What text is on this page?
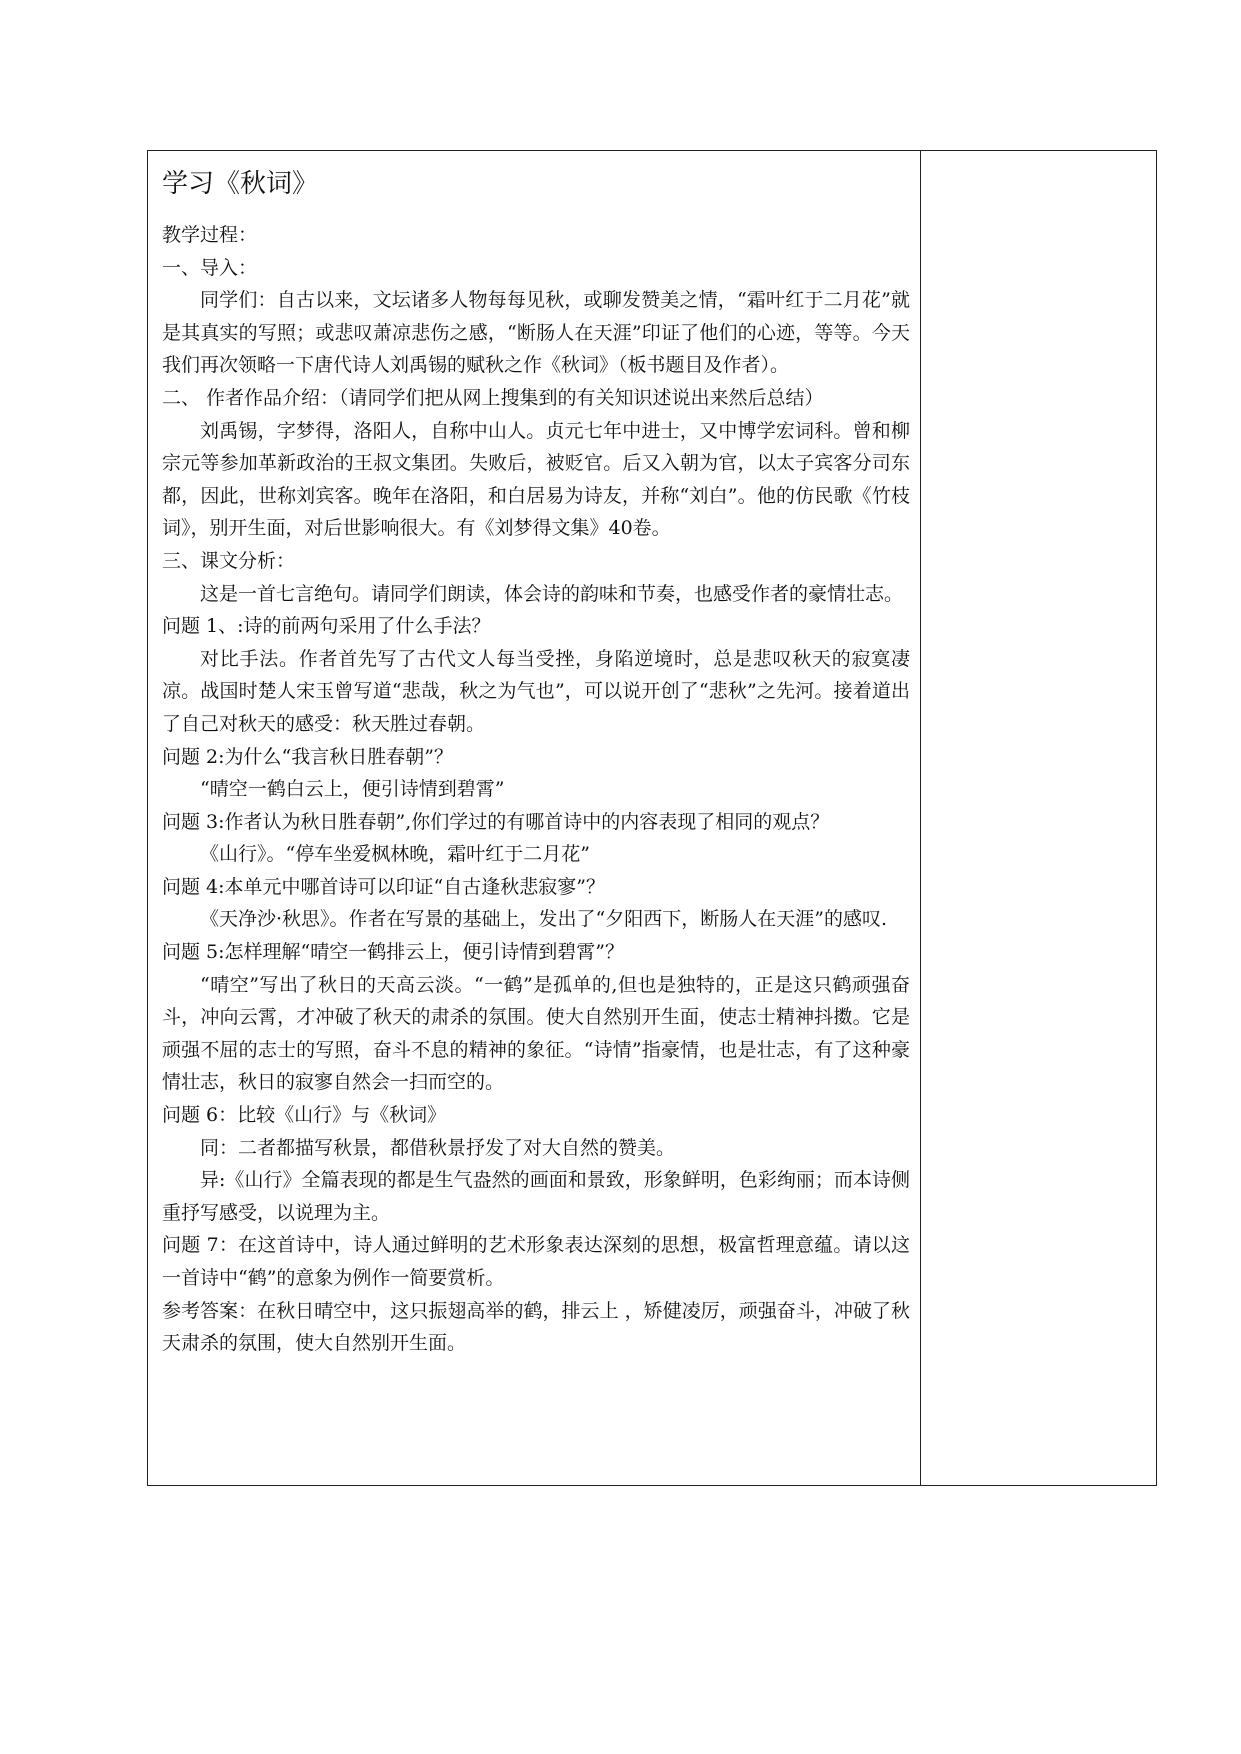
学习《秋词》

教学过程：

一、导入：

同学们：自古以来，文坛诸多人物每每见秋，或聊发赞美之情，“霜叶红于二月花”就是其真实的写照；或悲叹萧凉悲伤之感，“断肠人在天涯”印证了他们的心迹，等等。今天我们再次领略一下唐代诗人刘禹锡的赋秋之作《秋词》（板书题目及作者）。

二、 作者作品介绍：（请同学们把从网上搜集到的有关知识述说出来然后总结）

刘禹锡，字梦得，洛阳人，自称中山人。贞元七年中进士，又中博学宏词科。曾和柳宗元等参加革新政治的王叔文集团。失败后，被贬官。后又入朝为官，以太子宾客分司东都，因此，世称刘宾客。晚年在洛阳，和白居易为诗友，并称“刘白”。他的仿民歌《竹枝词》，别开生面，对后世影响很大。有《刘梦得文集》40卷。

三、课文分析：

这是一首七言绝句。请同学们朗读，体会诗的韵味和节奏，也感受作者的豪情壮志。

问题 1、:诗的前两句采用了什么手法？

对比手法。作者首先写了古代文人每当受挫，身陷逆境时，总是悲叹秋天的寂寞凄凉。战国时楚人宋玉曾写道“悲哉，秋之为气也”，可以说开创了“悲秋”之先河。接着道出了自己对秋天的感受：秋天胜过春朝。

问题 2:为什么“我言秋日胜春朝”？

“晴空一鹤白云上，便引诗情到碧霄”

问题 3:作者认为秋日胜春朝”,你们学过的有哪首诗中的内容表现了相同的观点？

《山行》。“停车坐爱枫林晚，霜叶红于二月花”

问题 4:本单元中哪首诗可以印证“自古逢秋悲寂寥”？

《天净沙·秋思》。作者在写景的基础上，发出了“夕阳西下，断肠人在天涯”的感叹.

问题 5:怎样理解“晴空一鹤排云上，便引诗情到碧霄”？

“晴空”写出了秋日的天高云淡。“一鹤”是孤单的,但也是独特的，正是这只鹤顽强奋斗，冲向云霄，才冲破了秋天的肃杀的氛围。使大自然别开生面，使志士精神抖擞。它是顽强不屈的志士的写照，奋斗不息的精神的象征。“诗情”指豪情，也是壮志，有了这种豪情壮志，秋日的寂寥自然会一扫而空的。

问题 6：比较《山行》与《秋词》

同：二者都描写秋景，都借秋景抒发了对大自然的赞美。

异:《山行》全篇表现的都是生气盎然的画面和景致，形象鲜明，色彩绚丽；而本诗侧重抒写感受，以说理为主。

问题 7：在这首诗中，诗人通过鲜明的艺术形象表达深刻的思想，极富哲理意蕴。请以这一首诗中“鹤”的意象为例作一简要赏析。

参考答案：在秋日晴空中，这只振翅高举的鹤，排云上 ，矫健凌厉，顽强奋斗，冲破了秋天肃杀的氛围，使大自然别开生面。
